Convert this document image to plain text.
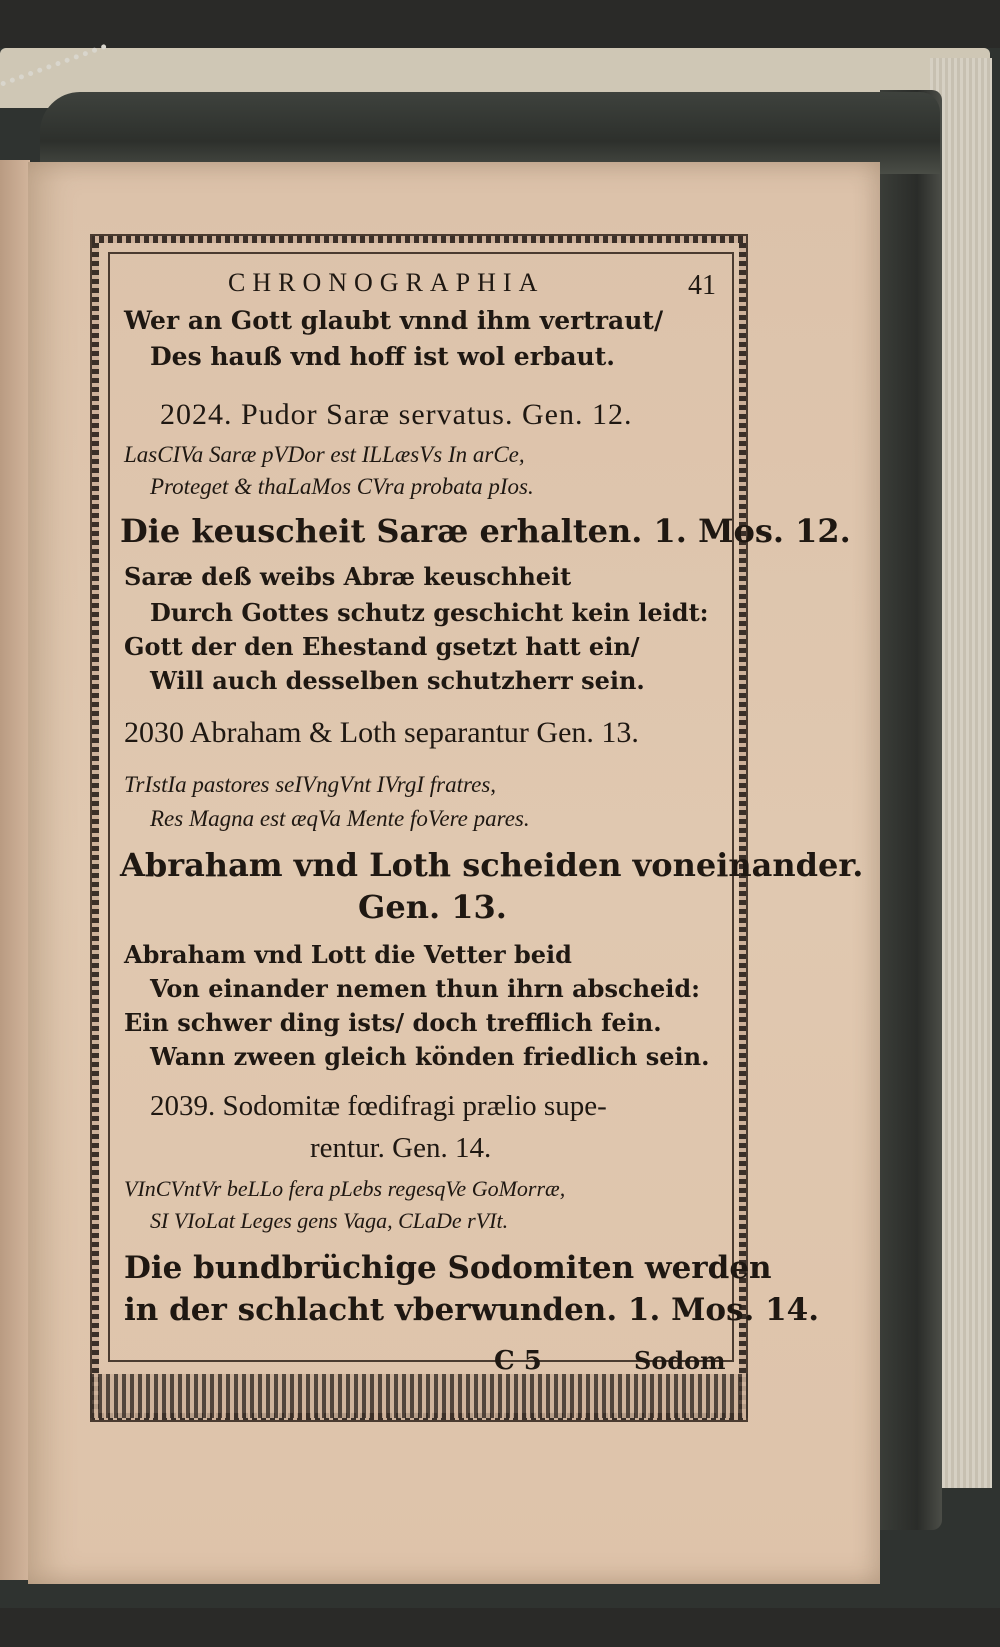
CHRONOGRAPHIA	41
Wer an Gott glaubt vnnd ihm vertraut/
Des hauß vnd hoff ist wol erbaut.
2024. Pudor Saræ servatus. Gen. 12.
LasCIVa Saræ pVDor est ILLæsVs In arCe,
Proteget & thaLaMos CVra probata pIos.
Die keuscheit Saræ erhalten. 1. Mos. 12.
Saræ deß weibs Abræ keuschheit
Durch Gottes schutz geschicht kein leidt:
Gott der den Ehestand gsetzt hatt ein/
Will auch desselben schutzherr sein.
2030 Abraham & Loth separantur Gen. 13.
TrIstIa pastores seIVngVnt IVrgI fratres,
Res Magna est æqVa Mente foVere pares.
Abraham vnd Loth scheiden voneinander.
Gen. 13.
Abraham vnd Lott die Vetter beid
Von einander nemen thun ihrn abscheid:
Ein schwer ding ists/ doch trefflich fein.
Wann zween gleich könden friedlich sein.
2039. Sodomitæ fœdifragi prælio supe-
rentur. Gen. 14.
VInCVntVr beLLo fera pLebs regesqVe GoMorræ,
SI VIoLat Leges gens Vaga, CLaDe rVIt.
Die bundbrüchige Sodomiten werden
in der schlacht vberwunden. 1. Mos. 14.
C 5	Sodom
